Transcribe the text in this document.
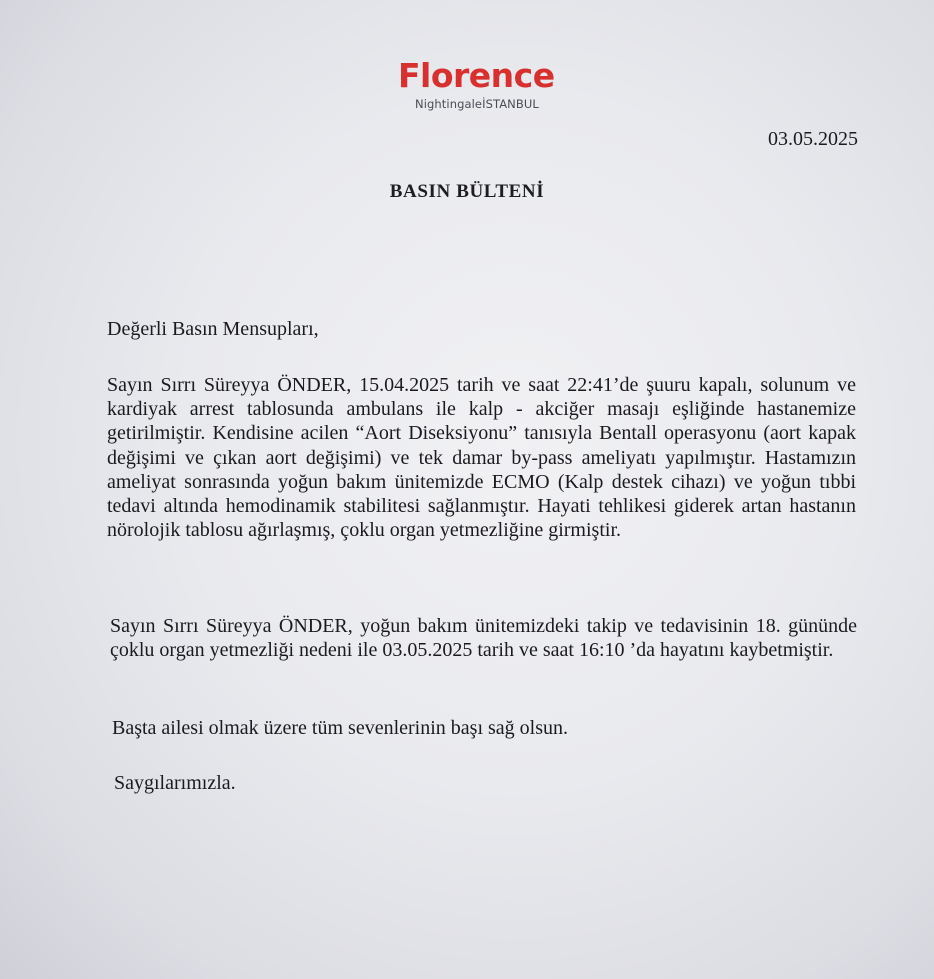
Florence
NightingaleİSTANBUL
03.05.2025
BASIN BÜLTENİ
Değerli Basın Mensupları,
Sayın Sırrı Süreyya ÖNDER, 15.04.2025 tarih ve saat 22:41’de şuuru kapalı, solunum ve kardiyak arrest tablosunda ambulans ile kalp - akciğer masajı eşliğinde hastanemize getirilmiştir. Kendisine acilen “Aort Diseksiyonu” tanısıyla Bentall operasyonu (aort kapak değişimi ve çıkan aort değişimi) ve tek damar by-pass ameliyatı yapılmıştır. Hastamızın ameliyat sonrasında yoğun bakım ünitemizde ECMO (Kalp destek cihazı) ve yoğun tıbbi tedavi altında hemodinamik stabilitesi sağlanmıştır. Hayati tehlikesi giderek artan hastanın nörolojik tablosu ağırlaşmış, çoklu organ yetmezliğine girmiştir.
Sayın Sırrı Süreyya ÖNDER, yoğun bakım ünitemizdeki takip ve tedavisinin 18. gününde çoklu organ yetmezliği nedeni ile 03.05.2025 tarih ve saat 16:10 ’da hayatını kaybetmiştir.
Başta ailesi olmak üzere tüm sevenlerinin başı sağ olsun.
Saygılarımızla.
